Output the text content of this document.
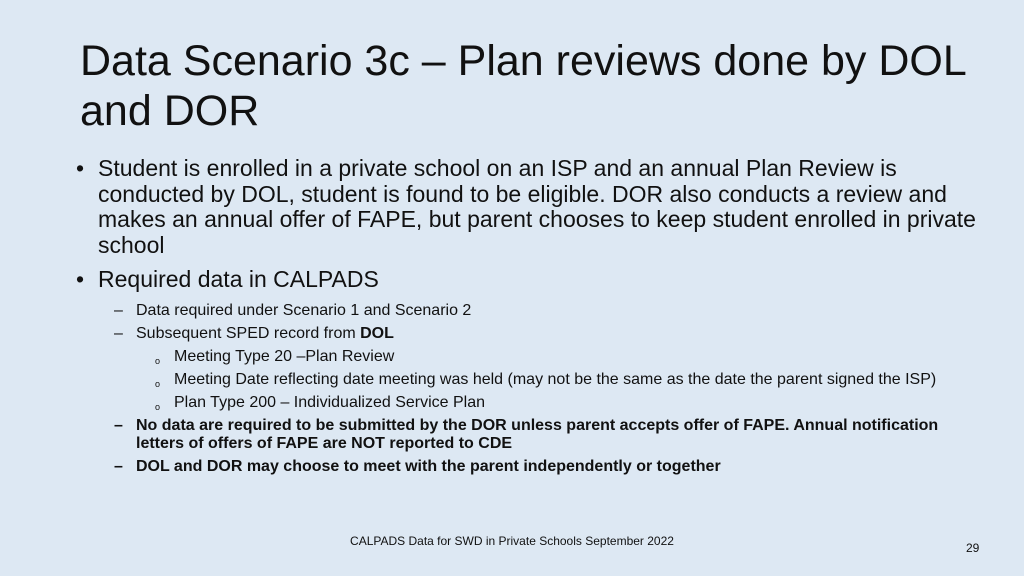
Data Scenario 3c – Plan reviews done by DOL and DOR
• Student is enrolled in a private school on an ISP and an annual Plan Review is conducted by DOL, student is found to be eligible. DOR also conducts a review and makes an annual offer of FAPE, but parent chooses to keep student enrolled in private school
• Required data in CALPADS
– Data required under Scenario 1 and Scenario 2
– Subsequent SPED record from DOL
o Meeting Type 20 –Plan Review
o Meeting Date reflecting date meeting was held (may not be the same as the date the parent signed the ISP)
o Plan Type 200 – Individualized Service Plan
– No data are required to be submitted by the DOR unless parent accepts offer of FAPE. Annual notification letters of offers of FAPE are NOT reported to CDE
– DOL and DOR may choose to meet with the parent independently or together
CALPADS Data for SWD in Private Schools September 2022	29
